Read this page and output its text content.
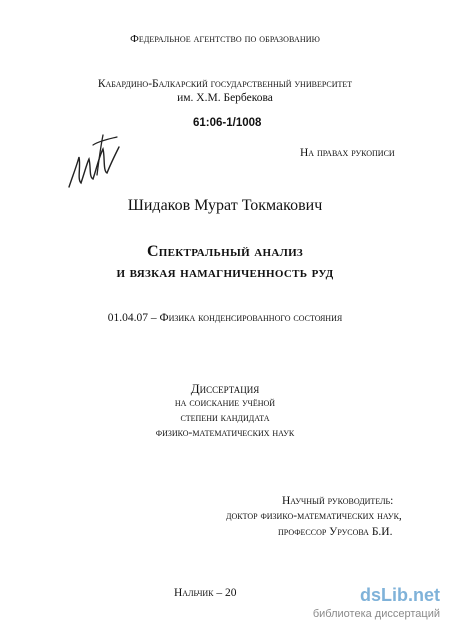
Федеральное агентство по образованию
Кабардино-Балкарский государственный университет
им. Х.М. Бербекова
61:06-1/1008
На правах рукописи
Шидаков Мурат Токмакович
Спектральный анализ
и вязкая намагниченность руд
01.04.07 – Физика конденсированного состояния
Диссертация
на соискание учёной
степени кандидата
физико-математических наук
Научный руководитель:
доктор физико-математических наук,
профессор Урусова Б.И.
Нальчик – 20	dsLib.net
библиотека диссертаций
